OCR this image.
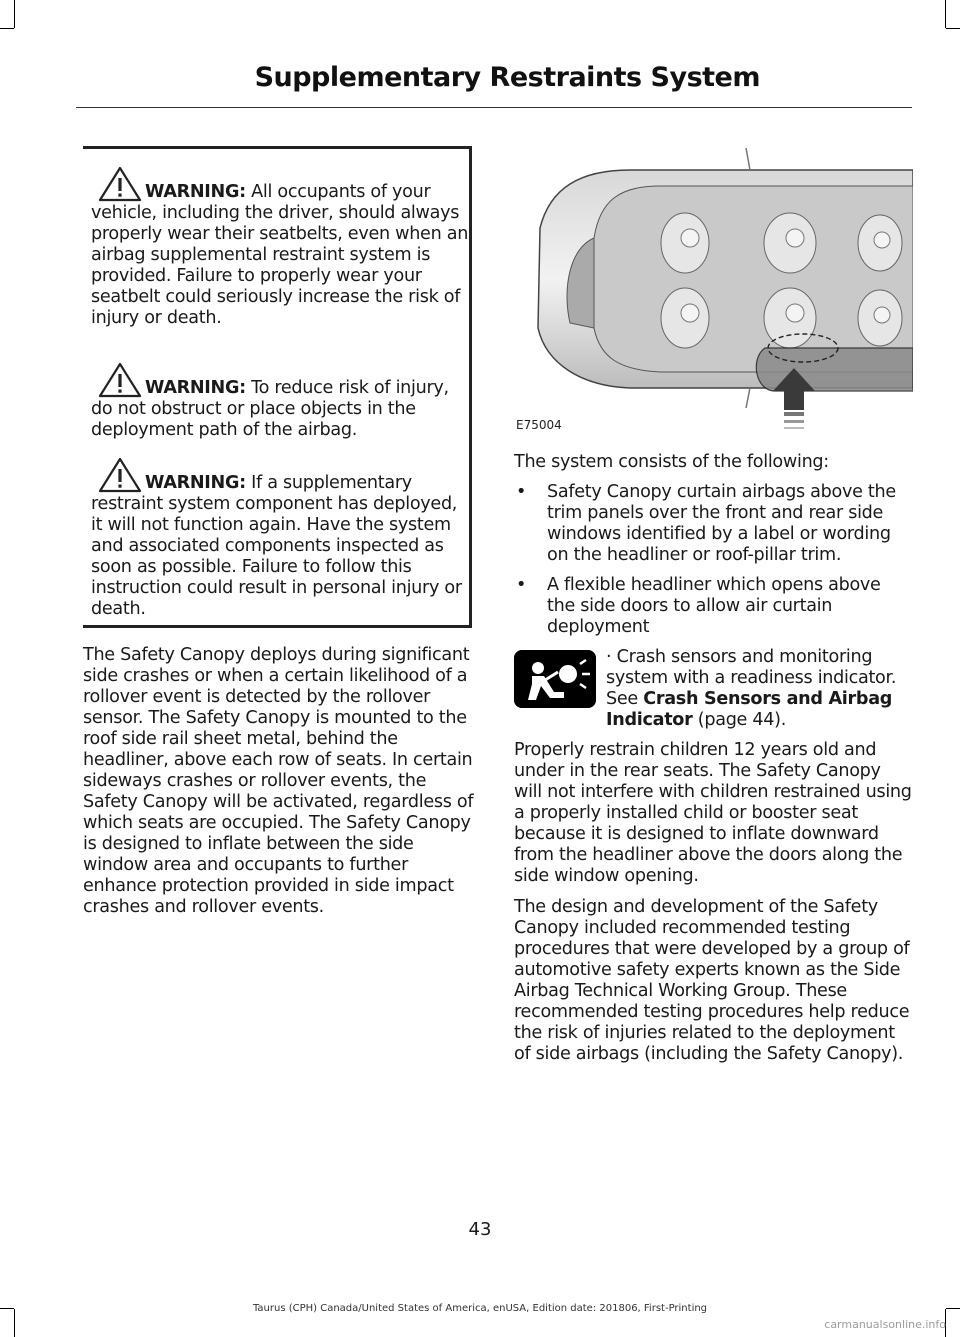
Supplementary Restraints System

WARNING: All occupants of your vehicle, including the driver, should always properly wear their seatbelts, even when an airbag supplemental restraint system is provided. Failure to properly wear your seatbelt could seriously increase the risk of injury or death.

WARNING: To reduce risk of injury, do not obstruct or place objects in the deployment path of the airbag.

WARNING: If a supplementary restraint system component has deployed, it will not function again. Have the system and associated components inspected as soon as possible. Failure to follow this instruction could result in personal injury or death.

The Safety Canopy deploys during significant side crashes or when a certain likelihood of a rollover event is detected by the rollover sensor. The Safety Canopy is mounted to the roof side rail sheet metal, behind the headliner, above each row of seats. In certain sideways crashes or rollover events, the Safety Canopy will be activated, regardless of which seats are occupied. The Safety Canopy is designed to inflate between the side window area and occupants to further enhance protection provided in side impact crashes and rollover events.

E75004

The system consists of the following:

• Safety Canopy curtain airbags above the trim panels over the front and rear side windows identified by a label or wording on the headliner or roof-pillar trim.
• A flexible headliner which opens above the side doors to allow air curtain deployment

· Crash sensors and monitoring system with a readiness indicator. See Crash Sensors and Airbag Indicator (page 44).

Properly restrain children 12 years old and under in the rear seats. The Safety Canopy will not interfere with children restrained using a properly installed child or booster seat because it is designed to inflate downward from the headliner above the doors along the side window opening.

The design and development of the Safety Canopy included recommended testing procedures that were developed by a group of automotive safety experts known as the Side Airbag Technical Working Group. These recommended testing procedures help reduce the risk of injuries related to the deployment of side airbags (including the Safety Canopy).

43
Taurus (CPH) Canada/United States of America, enUSA, Edition date: 201806, First-Printing
carmanualsonline.info
